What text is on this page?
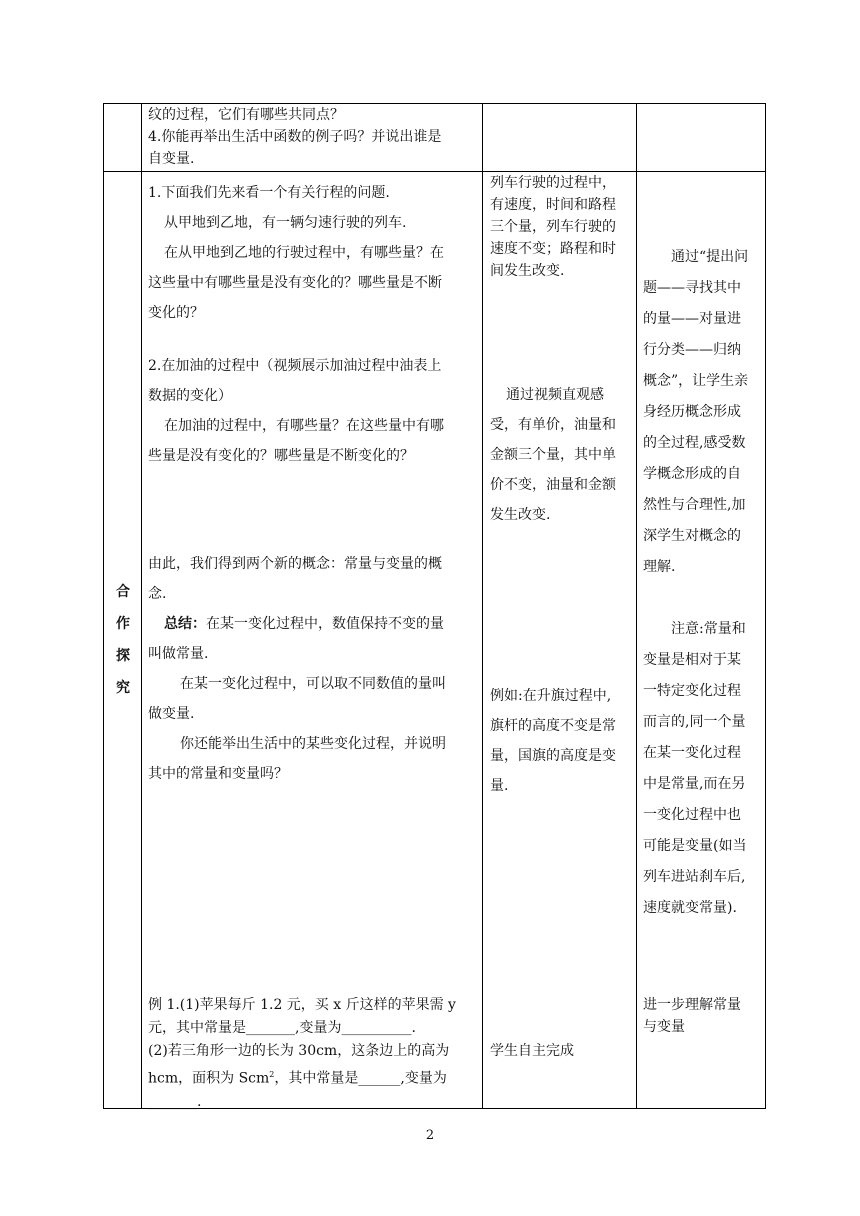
纹的过程，它们有哪些共同点？
4.你能再举出生活中函数的例子吗？并说出谁是
自变量.
合
作
探
究
1.下面我们先来看一个有关行程的问题.
从甲地到乙地，有一辆匀速行驶的列车.
在从甲地到乙地的行驶过程中，有哪些量？在
这些量中有哪些量是没有变化的？哪些量是不断
变化的？
2.在加油的过程中（视频展示加油过程中油表上
数据的变化）
在加油的过程中，有哪些量？在这些量中有哪
些量是没有变化的？哪些量是不断变化的？
由此，我们得到两个新的概念：常量与变量的概
念.
总结：在某一变化过程中，数值保持不变的量
叫做常量.
在某一变化过程中，可以取不同数值的量叫
做变量.
你还能举出生活中的某些变化过程，并说明
其中的常量和变量吗？
例 1.(1)苹果每斤 1.2 元，买 x 斤这样的苹果需 y
元，其中常量是_______,变量为__________.
(2)若三角形一边的长为 30cm，这条边上的高为
hcm，面积为 Scm$^2$，其中常量是______,变量为
_______.
列车行驶的过程中，
有速度，时间和路程
三个量，列车行驶的
速度不变；路程和时
间发生改变.
通过视频直观感
受，有单价，油量和
金额三个量，其中单
价不变，油量和金额
发生改变.
例如:在升旗过程中,
旗杆的高度不变是常
量，国旗的高度是变
量.
学生自主完成
通过“提出问
题——寻找其中
的量——对量进
行分类——归纳
概念”，让学生亲
身经历概念形成
的全过程,感受数
学概念形成的自
然性与合理性,加
深学生对概念的
理解.
注意:常量和
变量是相对于某
一特定变化过程
而言的,同一个量
在某一变化过程
中是常量,而在另
一变化过程中也
可能是变量(如当
列车进站刹车后,
速度就变常量).
进一步理解常量
与变量
2
